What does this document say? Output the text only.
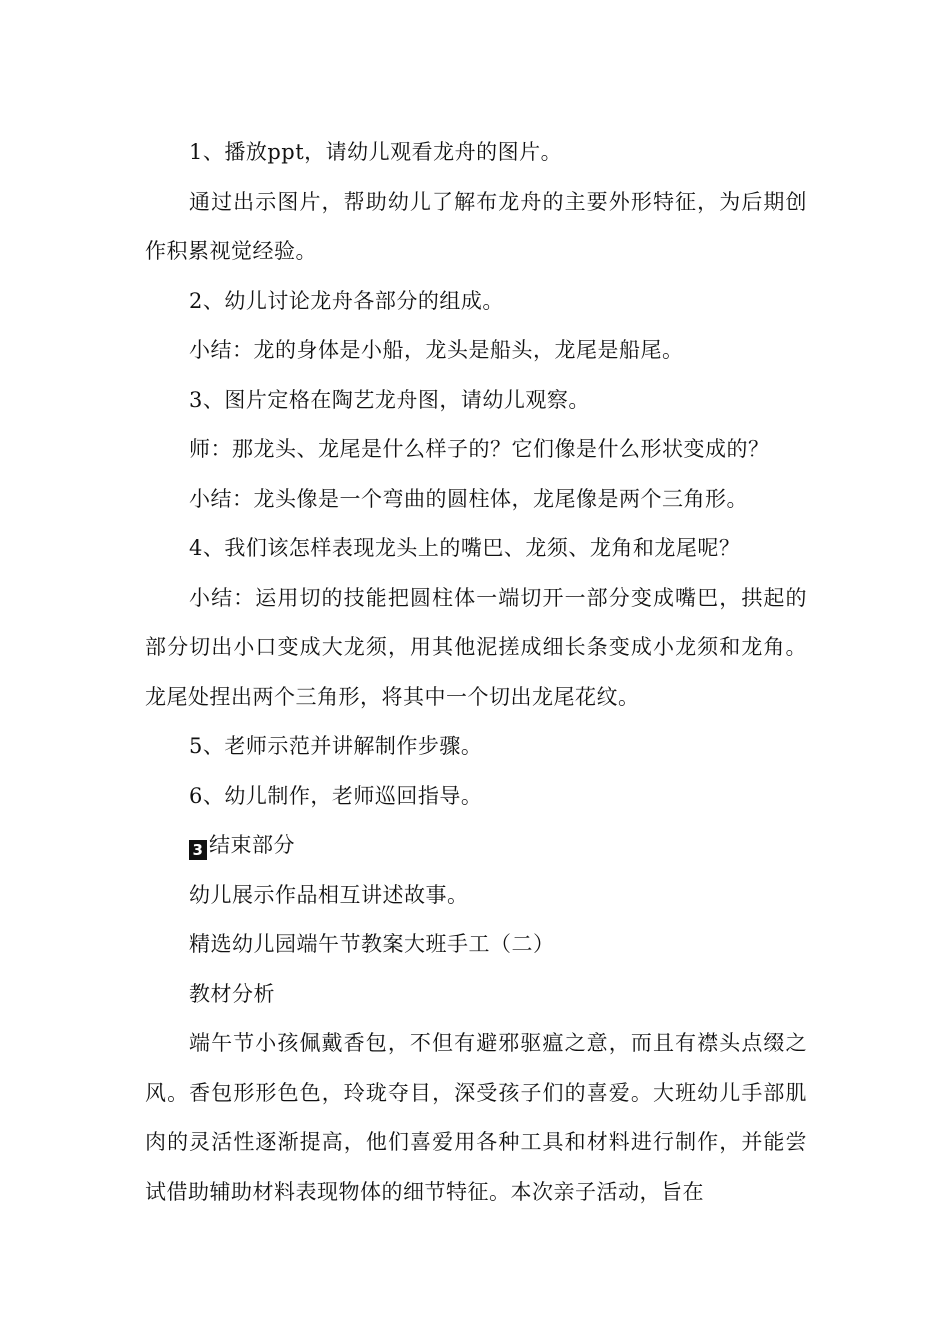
1、播放ppt，请幼儿观看龙舟的图片。

通过出示图片，帮助幼儿了解布龙舟的主要外形特征，为后期创作积累视觉经验。

2、幼儿讨论龙舟各部分的组成。

小结：龙的身体是小船，龙头是船头，龙尾是船尾。

3、图片定格在陶艺龙舟图，请幼儿观察。

师：那龙头、龙尾是什么样子的？它们像是什么形状变成的？

小结：龙头像是一个弯曲的圆柱体，龙尾像是两个三角形。

4、我们该怎样表现龙头上的嘴巴、龙须、龙角和龙尾呢？

小结：运用切的技能把圆柱体一端切开一部分变成嘴巴，拱起的部分切出小口变成大龙须，用其他泥搓成细长条变成小龙须和龙角。龙尾处捏出两个三角形，将其中一个切出龙尾花纹。

5、老师示范并讲解制作步骤。

6、幼儿制作，老师巡回指导。

3 结束部分

幼儿展示作品相互讲述故事。

精选幼儿园端午节教案大班手工（二）

教材分析

端午节小孩佩戴香包，不但有避邪驱瘟之意，而且有襟头点缀之风。香包形形色色，玲珑夺目，深受孩子们的喜爱。大班幼儿手部肌肉的灵活性逐渐提高，他们喜爱用各种工具和材料进行制作，并能尝试借助辅助材料表现物体的细节特征。本次亲子活动，旨在
